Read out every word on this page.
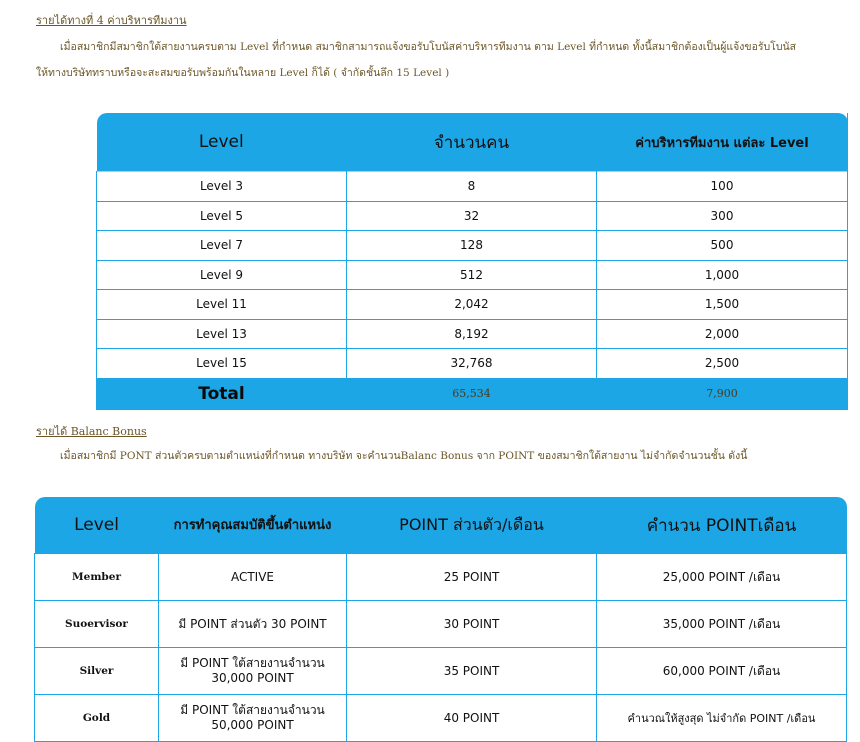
รายได้ทางที่ 4 ค่าบริหารทีมงาน
เมื่อสมาชิกมีสมาชิกใต้สายงานครบตาม Level ที่กำหนด สมาชิกสามารถแจ้งขอรับโบนัสค่าบริหารทีมงาน ตาม Level ที่กำหนด ทั้งนี้สมาชิกต้องเป็นผู้แจ้งขอรับโบนัส
ให้ทางบริษัททราบหรือจะสะสมขอรับพร้อมกันในหลาย Level ก็ได้ ( จำกัดชั้นลึก 15 Level )
Level	จำนวนคน	ค่าบริหารทีมงาน แต่ละ Level
Level 3	8	100
Level 5	32	300
Level 7	128	500
Level 9	512	1,000
Level 11	2,042	1,500
Level 13	8,192	2,000
Level 15	32,768	2,500
Total	65,534	7,900
รายได้ Balanc Bonus
เมื่อสมาชิกมี PONT ส่วนตัวครบตามตำแหน่งที่กำหนด ทางบริษัท จะคำนวนBalanc Bonus จาก POINT ของสมาชิกใต้สายงาน ไม่จำกัดจำนวนชั้น ดังนี้
Level	การทำคุณสมบัติขึ้นตำแหน่ง	POINT ส่วนตัว/เดือน	คำนวน POINTเดือน
Member	ACTIVE	25 POINT	25,000 POINT /เดือน
Suoervisor	มี POINT ส่วนตัว 30 POINT	30 POINT	35,000 POINT /เดือน
Silver	มี POINT ใต้สายงานจำนวน 30,000 POINT	35 POINT	60,000 POINT /เดือน
Gold	มี POINT ใต้สายงานจำนวน 50,000 POINT	40 POINT	คำนวณให้สูงสุด ไม่จำกัด POINT /เดือน
